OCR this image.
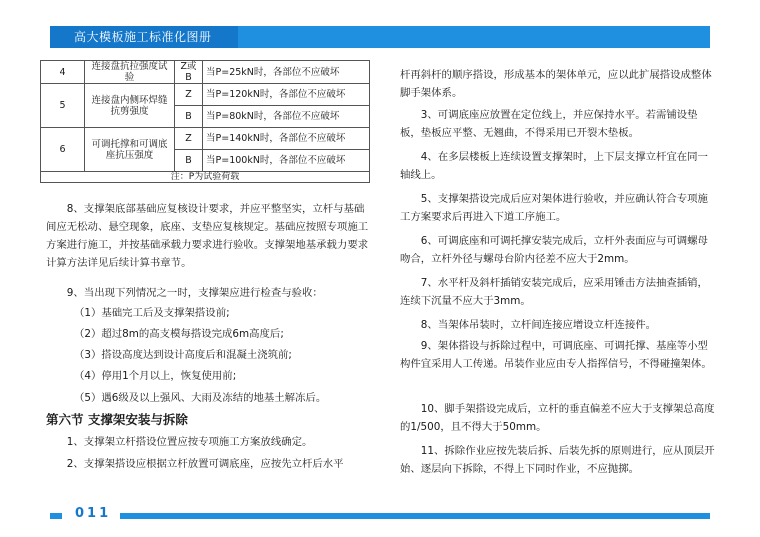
高大模板施工标准化图册
4	连接盘抗拉强度试验	Z或B	当P=25kN时，各部位不应破坏
5	连接盘内侧环焊缝抗剪强度	Z	当P=120kN时，各部位不应破坏
		B	当P=80kN时，各部位不应破坏
6	可调托撑和可调底座抗压强度	Z	当P=140kN时，各部位不应破坏
		B	当P=100kN时，各部位不应破坏
注：P为试验荷载			
8、支撑架底部基础应复核设计要求，并应平整坚实，立杆与基础间应无松动、悬空现象，底座、支垫应复核规定。基础应按照专项施工方案进行施工，并按基础承载力要求进行验收。支撑架地基承载力要求计算方法详见后续计算书章节。
9、当出现下列情况之一时，支撑架应进行检查与验收：
（1）基础完工后及支撑架搭设前;
（2）超过8m的高支模每搭设完成6m高度后;
（3）搭设高度达到设计高度后和混凝土浇筑前;
（4）停用1个月以上，恢复使用前;
（5）遇6级及以上强风、大雨及冻结的地基土解冻后。
第六节 支撑架安装与拆除
1、支撑架立杆搭设位置应按专项施工方案放线确定。
2、支撑架搭设应根据立杆放置可调底座，应按先立杆后水平
杆再斜杆的顺序搭设，形成基本的架体单元，应以此扩展搭设成整体脚手架体系。
3、可调底座应放置在定位线上，并应保持水平。若需铺设垫板，垫板应平整、无翘曲，不得采用已开裂木垫板。
4、在多层楼板上连续设置支撑架时，上下层支撑立杆宜在同一轴线上。
5、支撑架搭设完成后应对架体进行验收，并应确认符合专项施工方案要求后再进入下道工序施工。
6、可调底座和可调托撑安装完成后，立杆外表面应与可调螺母吻合，立杆外径与螺母台阶内径差不应大于2mm。
7、水平杆及斜杆插销安装完成后，应采用锤击方法抽查插销，连续下沉量不应大于3mm。
8、当架体吊装时，立杆间连接应增设立杆连接件。
9、架体搭设与拆除过程中，可调底座、可调托撑、基座等小型构件宜采用人工传递。吊装作业应由专人指挥信号，不得碰撞架体。
10、脚手架搭设完成后，立杆的垂直偏差不应大于支撑架总高度的1/500，且不得大于50mm。
11、拆除作业应按先装后拆、后装先拆的原则进行，应从顶层开始、逐层向下拆除，不得上下同时作业，不应抛掷。
011
